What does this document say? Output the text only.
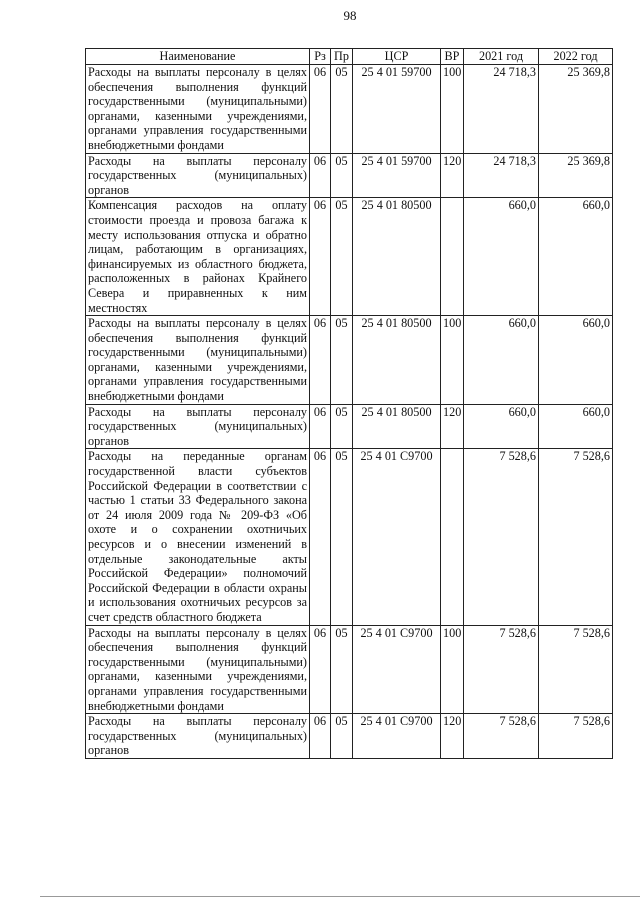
98
Наименование	Рз	Пр	ЦСР	ВР	2021 год	2022 год
Расходы на выплаты персоналу в целях обеспечения выполнения функций государственными (муниципальными) органами, казенными учреждениями, органами управления государственными внебюджетными фондами	06	05	25 4 01 59700	100	24 718,3	25 369,8
Расходы на выплаты персоналу государственных (муниципальных) органов	06	05	25 4 01 59700	120	24 718,3	25 369,8
Компенсация расходов на оплату стоимости проезда и провоза багажа к месту использования отпуска и обратно лицам, работающим в организациях, финансируемых из областного бюджета, расположенных в районах Крайнего Севера и приравненных к ним местностях	06	05	25 4 01 80500		660,0	660,0
Расходы на выплаты персоналу в целях обеспечения выполнения функций государственными (муниципальными) органами, казенными учреждениями, органами управления государственными внебюджетными фондами	06	05	25 4 01 80500	100	660,0	660,0
Расходы на выплаты персоналу государственных (муниципальных) органов	06	05	25 4 01 80500	120	660,0	660,0
Расходы на переданные органам государственной власти субъектов Российской Федерации в соответствии с частью 1 статьи 33 Федерального закона от 24 июля 2009 года № 209-ФЗ «Об охоте и о сохранении охотничьих ресурсов и о внесении изменений в отдельные законодательные акты Российской Федерации» полномочий Российской Федерации в области охраны и использования охотничьих ресурсов за счет средств областного бюджета	06	05	25 4 01 С9700		7 528,6	7 528,6
Расходы на выплаты персоналу в целях обеспечения выполнения функций государственными (муниципальными) органами, казенными учреждениями, органами управления государственными внебюджетными фондами	06	05	25 4 01 С9700	100	7 528,6	7 528,6
Расходы на выплаты персоналу государственных (муниципальных) органов	06	05	25 4 01 С9700	120	7 528,6	7 528,6
